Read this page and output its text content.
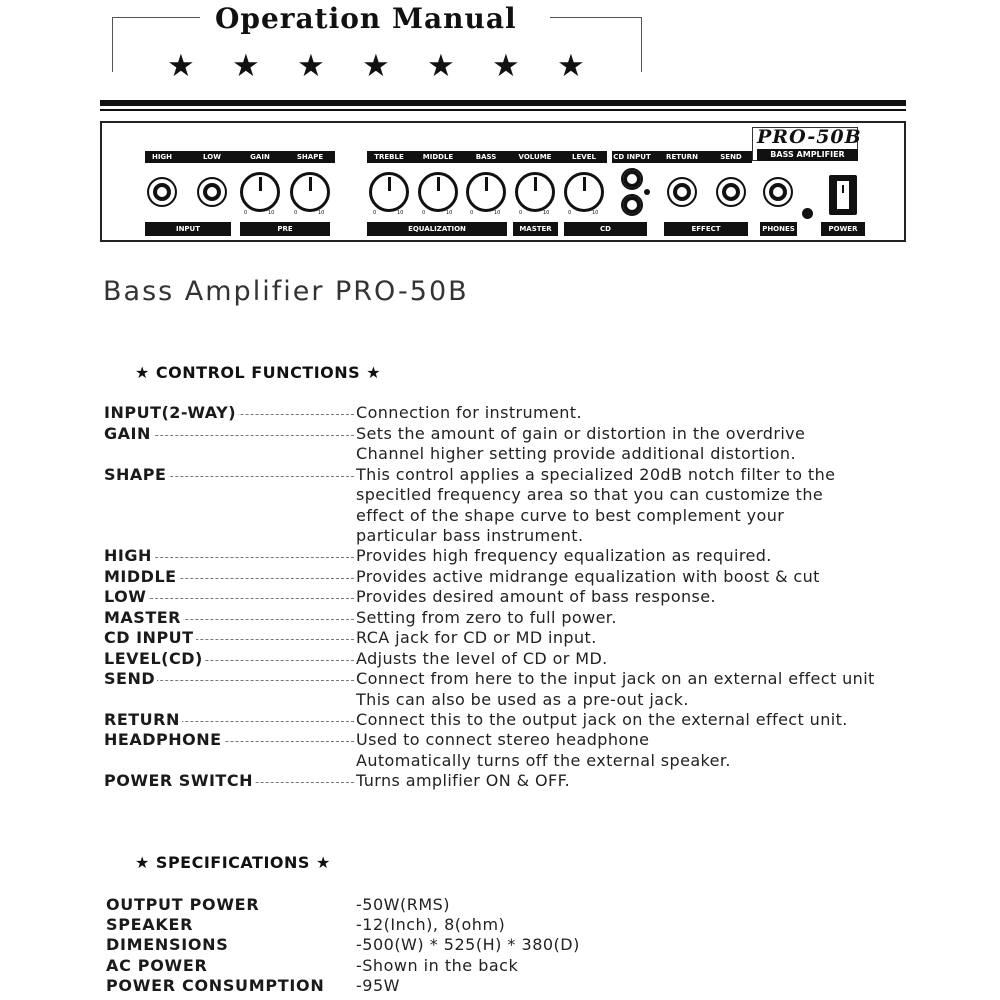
Operation Manual
★ ★ ★ ★ ★ ★ ★
PRO-50B
BASS AMPLIFIER
HIGH	LOW	GAIN	SHAPE	TREBLE	MIDDLE	BASS	VOLUME	LEVEL CD INPUT RETURN	SEND
0	10	0	10	0	10	0	10	0	10	0	10	0	10
INPUT	PRE	EQUALIZATION	MASTER	CD	EFFECT	PHONES	POWER
Bass Amplifier PRO-50B
★ CONTROL FUNCTIONS ★
INPUT(2-WAY)	Connection for instrument.
GAIN	Sets the amount of gain or distortion in the overdrive
Channel higher setting provide additional distortion.
SHAPE	This control applies a specialized 20dB notch filter to the
specitled frequency area so that you can customize the
effect of the shape curve to best complement your
particular bass instrument.
HIGH	Provides high frequency equalization as required.
MIDDLE	Provides active midrange equalization with boost & cut
LOW	Provides desired amount of bass response.
MASTER	Setting from zero to full power.
CD INPUT	RCA jack for CD or MD input.
LEVEL(CD)	Adjusts the level of CD or MD.
SEND	Connect from here to the input jack on an external effect unit
This can also be used as a pre-out jack.
RETURN	Connect this to the output jack on the external effect unit.
HEADPHONE	Used to connect stereo headphone
Automatically turns off the external speaker.
POWER SWITCH	Turns amplifier ON & OFF.
★ SPECIFICATIONS ★
OUTPUT POWER	-50W(RMS)
SPEAKER	-12(Inch), 8(ohm)
DIMENSIONS	-500(W) * 525(H) * 380(D)
AC POWER	-Shown in the back
POWER CONSUMPTION -95W
